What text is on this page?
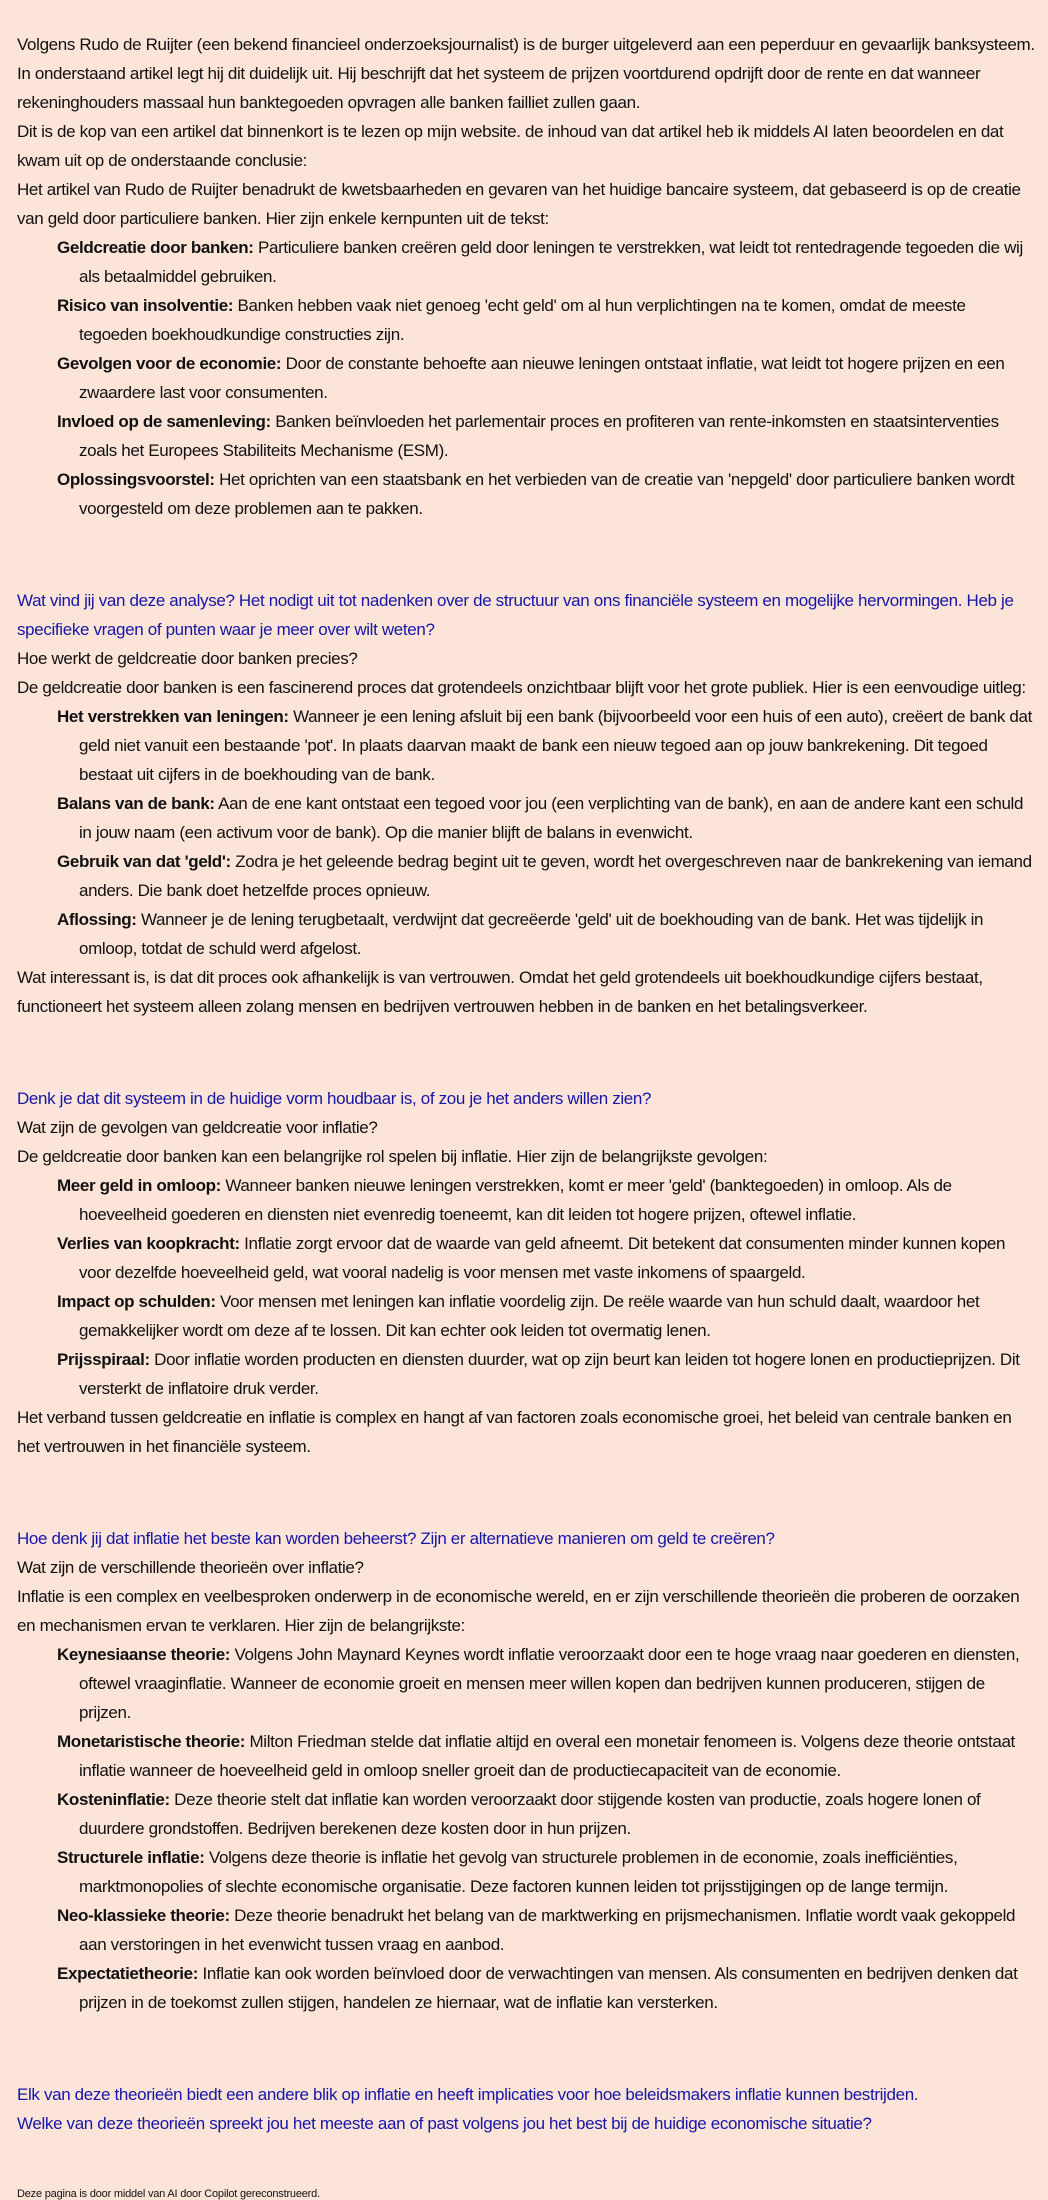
Volgens Rudo de Ruijter (een bekend financieel onderzoeksjournalist) is de burger uitgeleverd aan een peperduur en gevaarlijk banksysteem. In onderstaand artikel legt hij dit duidelijk uit. Hij beschrijft dat het systeem de prijzen voortdurend opdrijft door de rente en dat wanneer rekeninghouders massaal hun banktegoeden opvragen alle banken failliet zullen gaan.

Dit is de kop van een artikel dat binnenkort is te lezen op mijn website. de inhoud van dat artikel heb ik middels AI laten beoordelen en dat kwam uit op de onderstaande conclusie:

Het artikel van Rudo de Ruijter benadrukt de kwetsbaarheden en gevaren van het huidige bancaire systeem, dat gebaseerd is op de creatie van geld door particuliere banken. Hier zijn enkele kernpunten uit de tekst:

Geldcreatie door banken: Particuliere banken creëren geld door leningen te verstrekken, wat leidt tot rentedragende tegoeden die wij als betaalmiddel gebruiken.

Risico van insolventie: Banken hebben vaak niet genoeg 'echt geld' om al hun verplichtingen na te komen, omdat de meeste tegoeden boekhoudkundige constructies zijn.

Gevolgen voor de economie: Door de constante behoefte aan nieuwe leningen ontstaat inflatie, wat leidt tot hogere prijzen en een zwaardere last voor consumenten.

Invloed op de samenleving: Banken beïnvloeden het parlementair proces en profiteren van rente-inkomsten en staatsinterventies zoals het Europees Stabiliteits Mechanisme (ESM).

Oplossingsvoorstel: Het oprichten van een staatsbank en het verbieden van de creatie van 'nepgeld' door particuliere banken wordt voorgesteld om deze problemen aan te pakken.

Wat vind jij van deze analyse? Het nodigt uit tot nadenken over de structuur van ons financiële systeem en mogelijke hervormingen. Heb je specifieke vragen of punten waar je meer over wilt weten?

Hoe werkt de geldcreatie door banken precies?

De geldcreatie door banken is een fascinerend proces dat grotendeels onzichtbaar blijft voor het grote publiek. Hier is een eenvoudige uitleg:

Het verstrekken van leningen: Wanneer je een lening afsluit bij een bank (bijvoorbeeld voor een huis of een auto), creëert de bank dat geld niet vanuit een bestaande 'pot'. In plaats daarvan maakt de bank een nieuw tegoed aan op jouw bankrekening. Dit tegoed bestaat uit cijfers in de boekhouding van de bank.

Balans van de bank: Aan de ene kant ontstaat een tegoed voor jou (een verplichting van de bank), en aan de andere kant een schuld in jouw naam (een activum voor de bank). Op die manier blijft de balans in evenwicht.

Gebruik van dat 'geld': Zodra je het geleende bedrag begint uit te geven, wordt het overgeschreven naar de bankrekening van iemand anders. Die bank doet hetzelfde proces opnieuw.

Aflossing: Wanneer je de lening terugbetaalt, verdwijnt dat gecreëerde 'geld' uit de boekhouding van de bank. Het was tijdelijk in omloop, totdat de schuld werd afgelost.

Wat interessant is, is dat dit proces ook afhankelijk is van vertrouwen. Omdat het geld grotendeels uit boekhoudkundige cijfers bestaat, functioneert het systeem alleen zolang mensen en bedrijven vertrouwen hebben in de banken en het betalingsverkeer.

Denk je dat dit systeem in de huidige vorm houdbaar is, of zou je het anders willen zien?

Wat zijn de gevolgen van geldcreatie voor inflatie?

De geldcreatie door banken kan een belangrijke rol spelen bij inflatie. Hier zijn de belangrijkste gevolgen:

Meer geld in omloop: Wanneer banken nieuwe leningen verstrekken, komt er meer 'geld' (banktegoeden) in omloop. Als de hoeveelheid goederen en diensten niet evenredig toeneemt, kan dit leiden tot hogere prijzen, oftewel inflatie.

Verlies van koopkracht: Inflatie zorgt ervoor dat de waarde van geld afneemt. Dit betekent dat consumenten minder kunnen kopen voor dezelfde hoeveelheid geld, wat vooral nadelig is voor mensen met vaste inkomens of spaargeld.

Impact op schulden: Voor mensen met leningen kan inflatie voordelig zijn. De reële waarde van hun schuld daalt, waardoor het gemakkelijker wordt om deze af te lossen. Dit kan echter ook leiden tot overmatig lenen.

Prijsspiraal: Door inflatie worden producten en diensten duurder, wat op zijn beurt kan leiden tot hogere lonen en productieprijzen. Dit versterkt de inflatoire druk verder.

Het verband tussen geldcreatie en inflatie is complex en hangt af van factoren zoals economische groei, het beleid van centrale banken en het vertrouwen in het financiële systeem.

Hoe denk jij dat inflatie het beste kan worden beheerst? Zijn er alternatieve manieren om geld te creëren?

Wat zijn de verschillende theorieën over inflatie?

Inflatie is een complex en veelbesproken onderwerp in de economische wereld, en er zijn verschillende theorieën die proberen de oorzaken en mechanismen ervan te verklaren. Hier zijn de belangrijkste:

Keynesiaanse theorie: Volgens John Maynard Keynes wordt inflatie veroorzaakt door een te hoge vraag naar goederen en diensten, oftewel vraaginflatie. Wanneer de economie groeit en mensen meer willen kopen dan bedrijven kunnen produceren, stijgen de prijzen.

Monetaristische theorie: Milton Friedman stelde dat inflatie altijd en overal een monetair fenomeen is. Volgens deze theorie ontstaat inflatie wanneer de hoeveelheid geld in omloop sneller groeit dan de productiecapaciteit van de economie.

Kosteninflatie: Deze theorie stelt dat inflatie kan worden veroorzaakt door stijgende kosten van productie, zoals hogere lonen of duurdere grondstoffen. Bedrijven berekenen deze kosten door in hun prijzen.

Structurele inflatie: Volgens deze theorie is inflatie het gevolg van structurele problemen in de economie, zoals inefficiënties, marktmonopolies of slechte economische organisatie. Deze factoren kunnen leiden tot prijsstijgingen op de lange termijn.

Neo-klassieke theorie: Deze theorie benadrukt het belang van de marktwerking en prijsmechanismen. Inflatie wordt vaak gekoppeld aan verstoringen in het evenwicht tussen vraag en aanbod.

Expectatietheorie: Inflatie kan ook worden beïnvloed door de verwachtingen van mensen. Als consumenten en bedrijven denken dat prijzen in de toekomst zullen stijgen, handelen ze hiernaar, wat de inflatie kan versterken.

Elk van deze theorieën biedt een andere blik op inflatie en heeft implicaties voor hoe beleidsmakers inflatie kunnen bestrijden.

Welke van deze theorieën spreekt jou het meeste aan of past volgens jou het best bij de huidige economische situatie?

Deze pagina is door middel van AI door Copilot gereconstrueerd.
